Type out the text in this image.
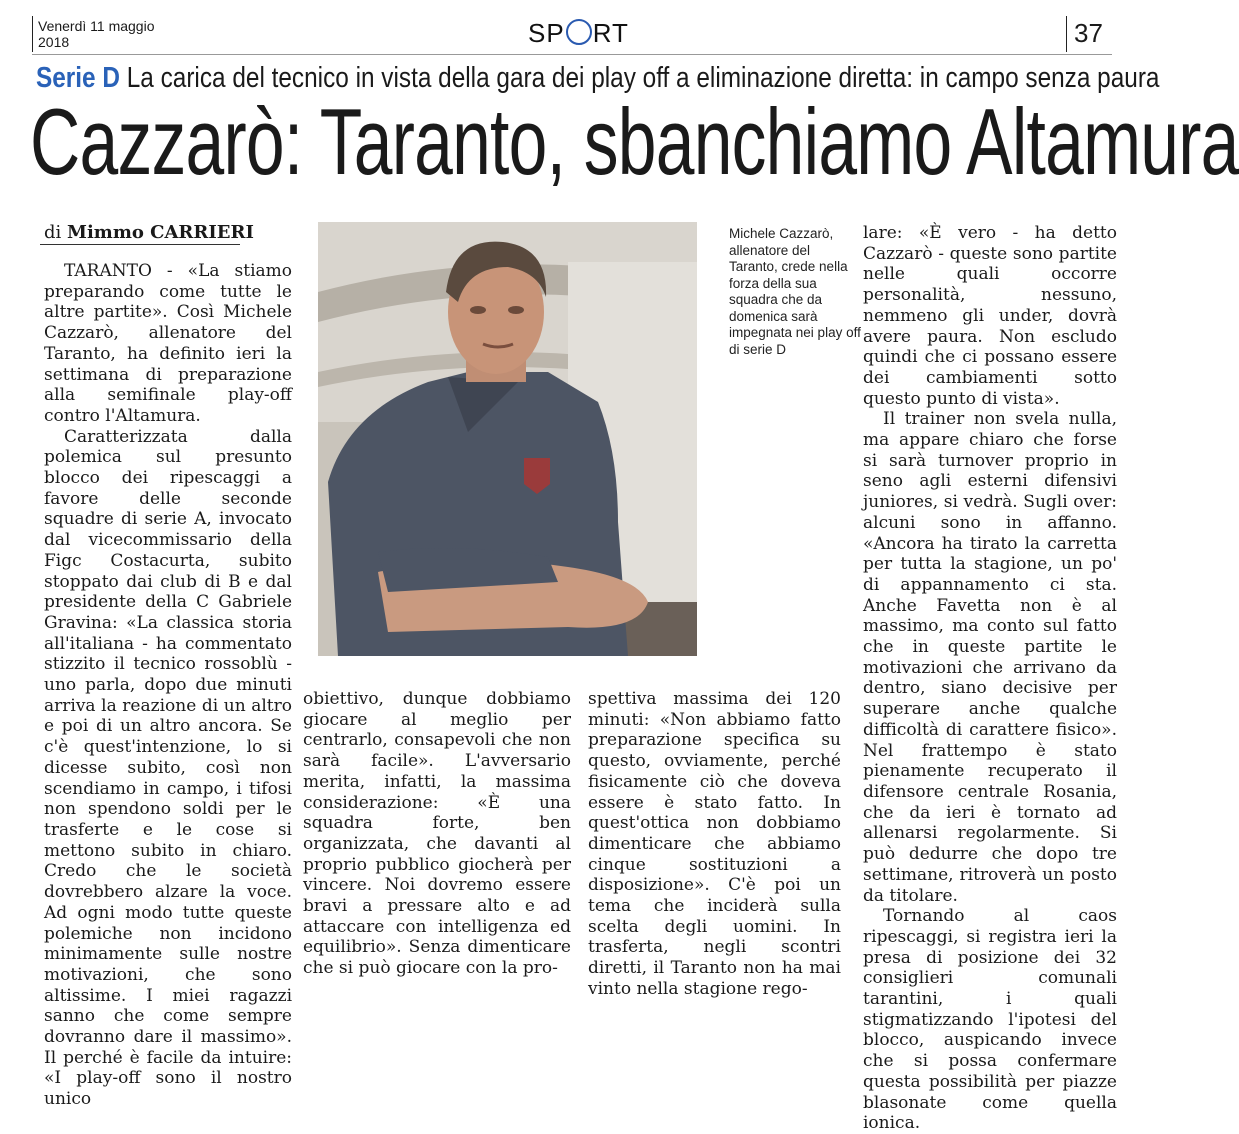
Venerdì 11 maggio
2018	SP RT	37
Serie D La carica del tecnico in vista della gara dei play off a eliminazione diretta: in campo senza paura
Cazzarò: Taranto, sbanchiamo Altamura
di Mimmo CARRIERI

TARANTO - «La stiamo preparando come tutte le altre partite». Così Michele Cazzarò, allenatore del Taranto, ha definito ieri la settimana di preparazione alla semifinale play-off contro l'Altamura.

Caratterizzata dalla polemica sul presunto blocco dei ripescaggi a favore delle seconde squadre di serie A, invocato dal vicecommissario della Figc Costacurta, subito stoppato dai club di B e dal presidente della C Gabriele Gravina: «La classica storia all'italiana - ha commentato stizzito il tecnico rossoblù - uno parla, dopo due minuti arriva la reazione di un altro e poi di un altro ancora. Se c'è quest'intenzione, lo si dicesse subito, così non scendiamo in campo, i tifosi non spendono soldi per le trasferte e le cose si mettono subito in chiaro. Credo che le società dovrebbero alzare la voce. Ad ogni modo tutte queste polemiche non incidono minimamente sulle nostre motivazioni, che sono altissime. I miei ragazzi sanno che come sempre dovranno dare il massimo». Il perché è facile da intuire: «I play-off sono il nostro unico

Michele Cazzarò, allenatore del Taranto, crede nella forza della sua squadra che da domenica sarà impegnata nei play off di serie D

obiettivo, dunque dobbiamo giocare al meglio per centrarlo, consapevoli che non sarà facile». L'avversario merita, infatti, la massima considerazione: «È una squadra forte, ben organizzata, che davanti al proprio pubblico giocherà per vincere. Noi dovremo essere bravi a pressare alto e ad attaccare con intelligenza ed equilibrio». Senza dimenticare che si può giocare con la pro-

spettiva massima dei 120 minuti: «Non abbiamo fatto preparazione specifica su questo, ovviamente, perché fisicamente ciò che doveva essere è stato fatto. In quest'ottica non dobbiamo dimenticare che abbiamo cinque sostituzioni a disposizione». C'è poi un tema che inciderà sulla scelta degli uomini. In trasferta, negli scontri diretti, il Taranto non ha mai vinto nella stagione rego-

lare: «È vero - ha detto Cazzarò - queste sono partite nelle quali occorre personalità, nessuno, nemmeno gli under, dovrà avere paura. Non escludo quindi che ci possano essere dei cambiamenti sotto questo punto di vista».

Il trainer non svela nulla, ma appare chiaro che forse si sarà turnover proprio in seno agli esterni difensivi juniores, si vedrà. Sugli over: alcuni sono in affanno. «Ancora ha tirato la carretta per tutta la stagione, un po' di appannamento ci sta. Anche Favetta non è al massimo, ma conto sul fatto che in queste partite le motivazioni che arrivano da dentro, siano decisive per superare anche qualche difficoltà di carattere fisico». Nel frattempo è stato pienamente recuperato il difensore centrale Rosania, che da ieri è tornato ad allenarsi regolarmente. Si può dedurre che dopo tre settimane, ritroverà un posto da titolare.

Tornando al caos ripescaggi, si registra ieri la presa di posizione dei 32 consiglieri comunali tarantini, i quali stigmatizzando l'ipotesi del blocco, auspicando invece che si possa confermare questa possibilità per piazze blasonate come quella ionica.
